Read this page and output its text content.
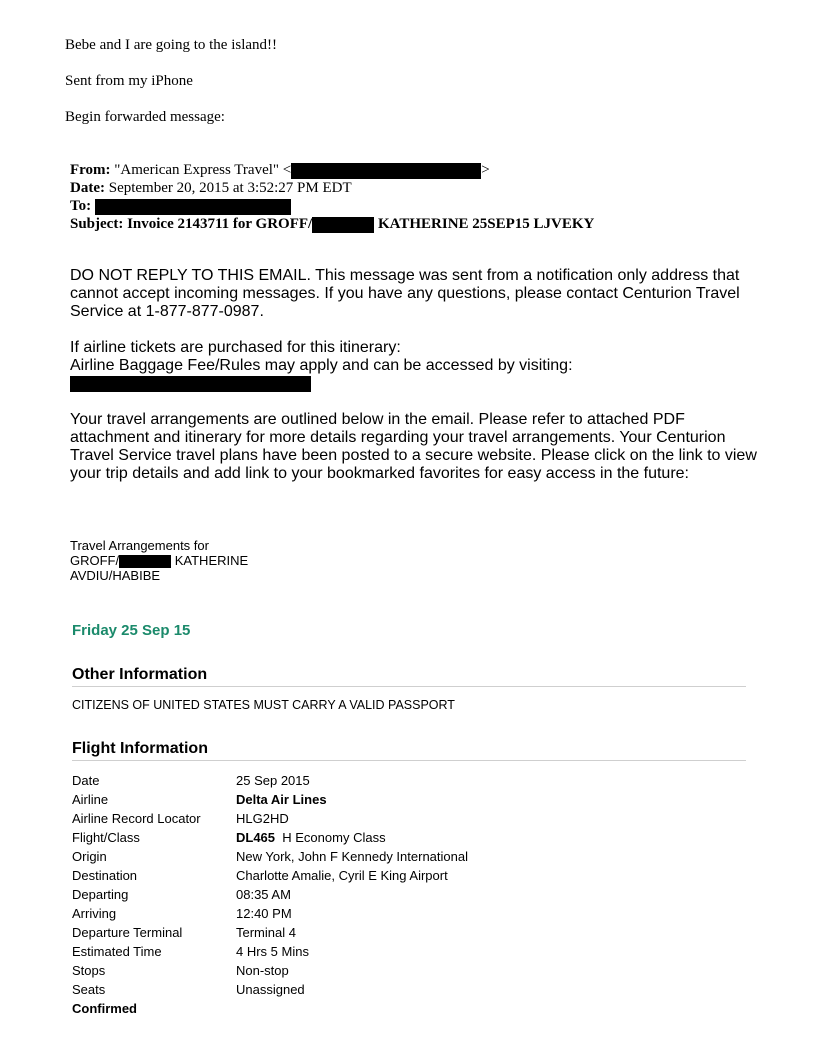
Bebe and I are going to the island!!
Sent from my iPhone
Begin forwarded message:
From: "American Express Travel" <	>
Date: September 20, 2015 at 3:52:27 PM EDT
To:
Subject: Invoice 2143711 for GROFF/	KATHERINE 25SEP15 LJVEKY
DO NOT REPLY TO THIS EMAIL. This message was sent from a notification only address that cannot accept incoming messages. If you have any questions, please contact Centurion Travel Service at 1-877-877-0987.
If airline tickets are purchased for this itinerary:
Airline Baggage Fee/Rules may apply and can be accessed by visiting:
Your travel arrangements are outlined below in the email. Please refer to attached PDF attachment and itinerary for more details regarding your travel arrangements. Your Centurion Travel Service travel plans have been posted to a secure website. Please click on the link to view your trip details and add link to your bookmarked favorites for easy access in the future:
Travel Arrangements for
GROFF/	KATHERINE
AVDIU/HABIBE
Friday 25 Sep 15
Other Information
CITIZENS OF UNITED STATES MUST CARRY A VALID PASSPORT
Flight Information
Date	25 Sep 2015
Airline	Delta Air Lines
Airline Record Locator	HLG2HD
Flight/Class	DL465 H Economy Class
Origin	New York, John F Kennedy International
Destination	Charlotte Amalie, Cyril E King Airport
Departing	08:35 AM
Arriving	12:40 PM
Departure Terminal	Terminal 4
Estimated Time	4 Hrs 5 Mins
Stops	Non-stop
Seats	Unassigned
Confirmed
